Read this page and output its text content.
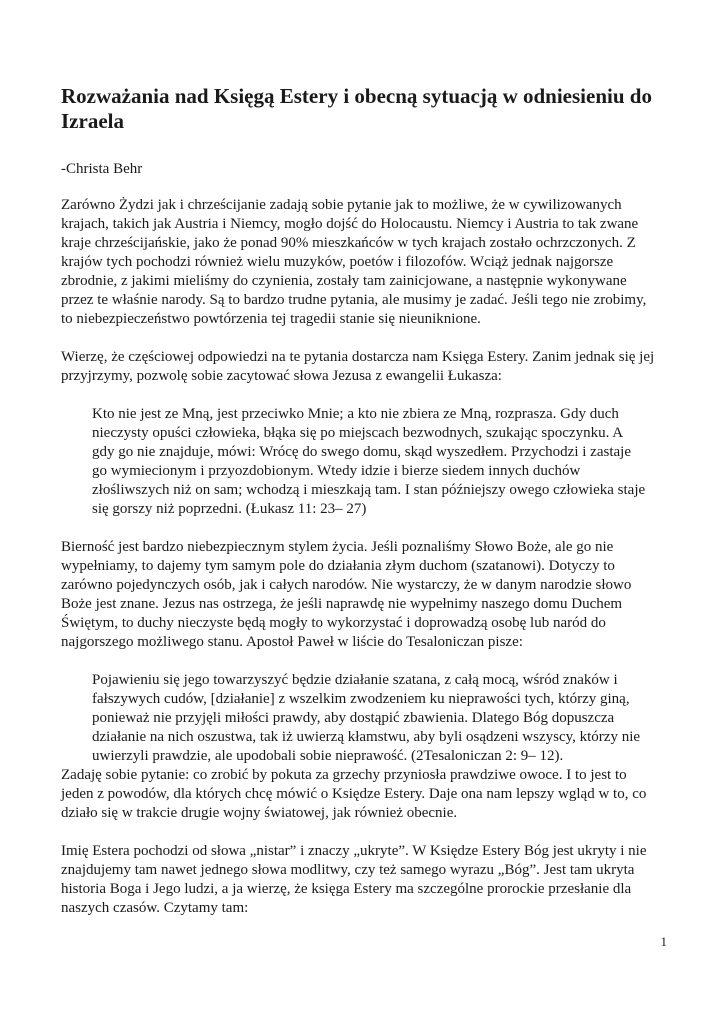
Rozważania nad Księgą Estery i obecną sytuacją w odniesieniu do Izraela

-Christa Behr

Zarówno Żydzi jak i chrześcijanie zadają sobie pytanie jak to możliwe, że w cywilizowanych krajach, takich jak Austria i Niemcy, mogło dojść do Holocaustu. Niemcy i Austria to tak zwane kraje chrześcijańskie, jako że ponad 90% mieszkańców w tych krajach zostało ochrzczonych. Z krajów tych pochodzi również wielu muzyków, poetów i filozofów. Wciąż jednak najgorsze zbrodnie, z jakimi mieliśmy do czynienia, zostały tam zainicjowane, a następnie wykonywane przez te właśnie narody. Są to bardzo trudne pytania, ale musimy je zadać. Jeśli tego nie zrobimy, to niebezpieczeństwo powtórzenia tej tragedii stanie się nieuniknione.

Wierzę, że częściowej odpowiedzi na te pytania dostarcza nam Księga Estery. Zanim jednak się jej przyjrzymy, pozwolę sobie zacytować słowa Jezusa z ewangelii Łukasza:

Kto nie jest ze Mną, jest przeciwko Mnie; a kto nie zbiera ze Mną, rozprasza. Gdy duch nieczysty opuści człowieka, błąka się po miejscach bezwodnych, szukając spoczynku. A gdy go nie znajduje, mówi: Wrócę do swego domu, skąd wyszedłem. Przychodzi i zastaje go wymiecionym i przyozdobionym. Wtedy idzie i bierze siedem innych duchów złośliwszych niż on sam; wchodzą i mieszkają tam. I stan późniejszy owego człowieka staje się gorszy niż poprzedni. (Łukasz 11: 23– 27)

Bierność jest bardzo niebezpiecznym stylem życia. Jeśli poznaliśmy Słowo Boże, ale go nie wypełniamy, to dajemy tym samym pole do działania złym duchom (szatanowi). Dotyczy to zarówno pojedynczych osób, jak i całych narodów. Nie wystarczy, że w danym narodzie słowo Boże jest znane. Jezus nas ostrzega, że jeśli naprawdę nie wypełnimy naszego domu Duchem Świętym, to duchy nieczyste będą mogły to wykorzystać i doprowadzą osobę lub naród do najgorszego możliwego stanu. Apostoł Paweł w liście do Tesaloniczan pisze:

Pojawieniu się jego towarzyszyć będzie działanie szatana, z całą mocą, wśród znaków i fałszywych cudów, [działanie] z wszelkim zwodzeniem ku nieprawości tych, którzy giną, ponieważ nie przyjęli miłości prawdy, aby dostąpić zbawienia. Dlatego Bóg dopuszcza działanie na nich oszustwa, tak iż uwierzą kłamstwu, aby byli osądzeni wszyscy, którzy nie uwierzyli prawdzie, ale upodobali sobie nieprawość. (2Tesaloniczan 2: 9– 12).

Zadaję sobie pytanie: co zrobić by pokuta za grzechy przyniosła prawdziwe owoce. I to jest to jeden z powodów, dla których chcę mówić o Księdze Estery. Daje ona nam lepszy wgląd w to, co działo się w trakcie drugie wojny światowej, jak również obecnie.

Imię Estera pochodzi od słowa „nistar” i znaczy „ukryte”. W Księdze Estery Bóg jest ukryty i nie znajdujemy tam nawet jednego słowa modlitwy, czy też samego wyrazu „Bóg”. Jest tam ukryta historia Boga i Jego ludzi, a ja wierzę, że księga Estery ma szczególne prorockie przesłanie dla naszych czasów. Czytamy tam:

1
